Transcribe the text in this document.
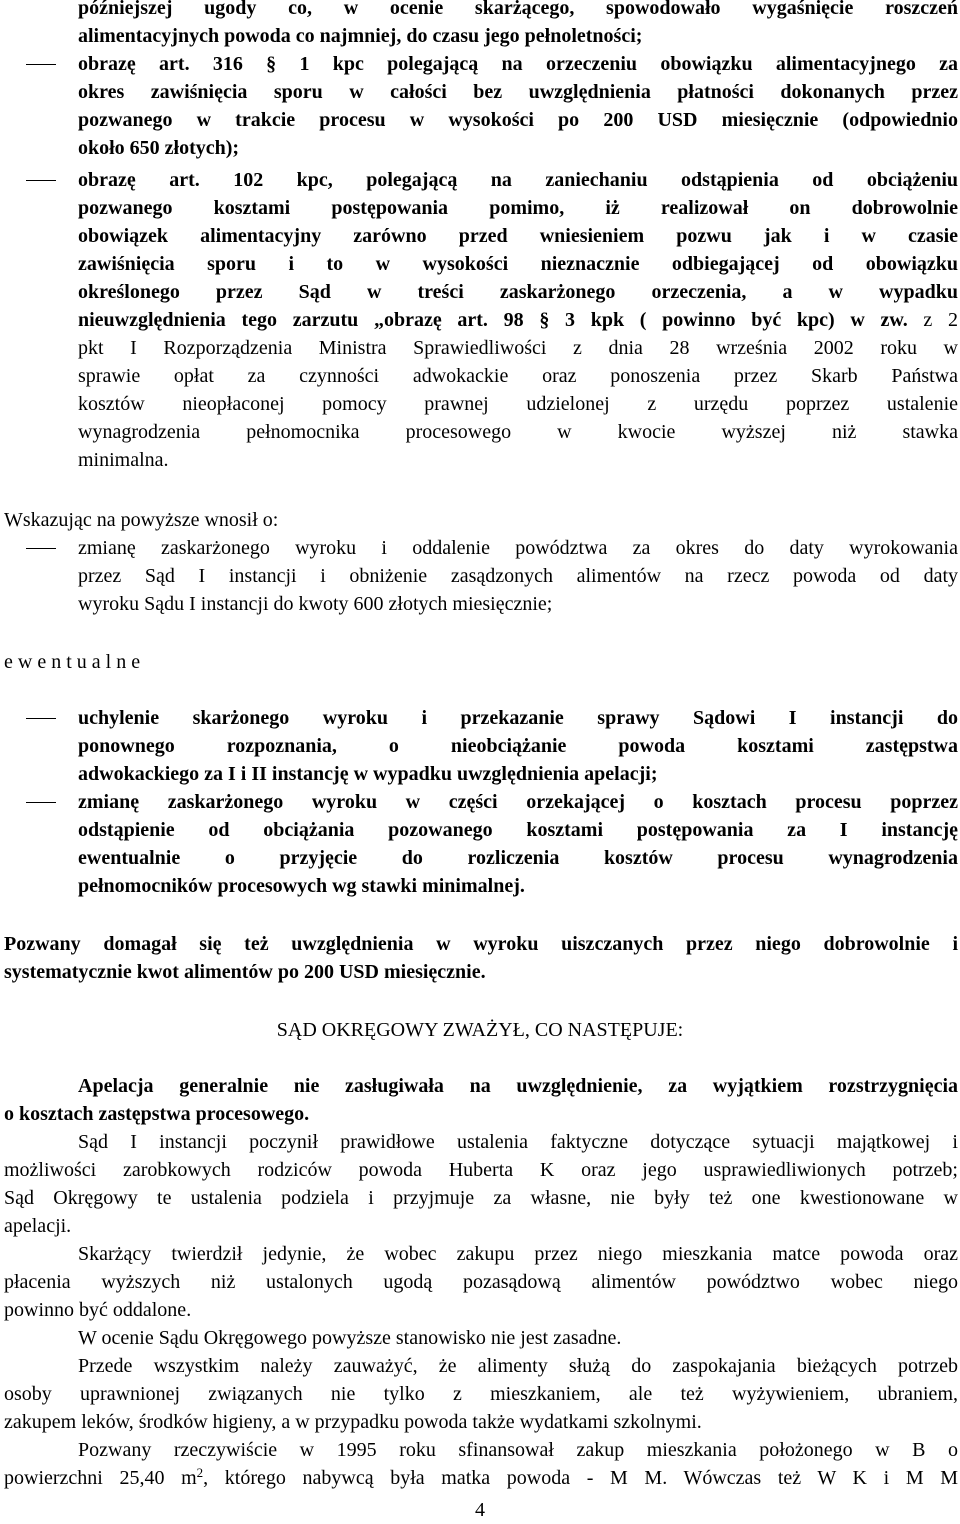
późniejszej ugody co, w ocenie skarżącego, spowodowało wygaśnięcie roszczeń
alimentacyjnych powoda co najmniej, do czasu jego pełnoletności;
obrazę art. 316 § 1 kpc polegającą na orzeczeniu obowiązku alimentacyjnego za
okres zawiśnięcia sporu w całości bez uwzględnienia płatności dokonanych przez
pozwanego w trakcie procesu w wysokości po 200 USD miesięcznie (odpowiednio
około 650 złotych);
obrazę art. 102 kpc, polegającą na zaniechaniu odstąpienia od obciążeniu
pozwanego kosztami postępowania pomimo, iż realizował on dobrowolnie
obowiązek alimentacyjny zarówno przed wniesieniem pozwu jak i w czasie
zawiśnięcia sporu i to w wysokości nieznacznie odbiegającej od obowiązku
określonego przez Sąd w treści zaskarżonego orzeczenia, a w wypadku
nieuwzględnienia tego zarzutu „obrazę art. 98 § 3 kpk ( powinno być kpc) w zw. z 2
pkt I Rozporządzenia Ministra Sprawiedliwości z dnia 28 września 2002 roku w
sprawie opłat za czynności adwokackie oraz ponoszenia przez Skarb Państwa
kosztów nieopłaconej pomocy prawnej udzielonej z urzędu poprzez ustalenie
wynagrodzenia pełnomocnika procesowego w kwocie wyższej niż stawka
minimalna.
Wskazując na powyższe wnosił o:
zmianę zaskarżonego wyroku i oddalenie powództwa za okres do daty wyrokowania
przez Sąd I instancji i obniżenie zasądzonych alimentów na rzecz powoda od daty
wyroku Sądu I instancji do kwoty 600 złotych miesięcznie;
e w e n t u a l n e
uchylenie skarżonego wyroku i przekazanie sprawy Sądowi I instancji do
ponownego rozpoznania, o nieobciążanie powoda kosztami zastępstwa
adwokackiego za I i II instancję w wypadku uwzględnienia apelacji;
zmianę zaskarżonego wyroku w części orzekającej o kosztach procesu poprzez
odstąpienie od obciążania pozowanego kosztami postępowania za I instancję
ewentualnie o przyjęcie do rozliczenia kosztów procesu wynagrodzenia
pełnomocników procesowych wg stawki minimalnej.
Pozwany domagał się też uwzględnienia w wyroku uiszczanych przez niego dobrowolnie i
systematycznie kwot alimentów po 200 USD miesięcznie.
SĄD OKRĘGOWY ZWAŻYŁ, CO NASTĘPUJE:
Apelacja generalnie nie zasługiwała na uwzględnienie, za wyjątkiem rozstrzygnięcia
o kosztach zastępstwa procesowego.
Sąd I instancji poczynił prawidłowe ustalenia faktyczne dotyczące sytuacji majątkowej i
możliwości zarobkowych rodziców powoda Huberta K oraz jego usprawiedliwionych potrzeb;
Sąd Okręgowy te ustalenia podziela i przyjmuje za własne, nie były też one kwestionowane w
apelacji.
Skarżący twierdził jedynie, że wobec zakupu przez niego mieszkania matce powoda oraz
płacenia wyższych niż ustalonych ugodą pozasądową alimentów powództwo wobec niego
powinno być oddalone.
W ocenie Sądu Okręgowego powyższe stanowisko nie jest zasadne.
Przede wszystkim należy zauważyć, że alimenty służą do zaspokajania bieżących potrzeb
osoby uprawnionej związanych nie tylko z mieszkaniem, ale też wyżywieniem, ubraniem,
zakupem leków, środków higieny, a w przypadku powoda także wydatkami szkolnymi.
Pozwany rzeczywiście w 1995 roku sfinansował zakup mieszkania położonego w B o
powierzchni 25,40 $m^2$, którego nabywcą była matka powoda - M M. Wówczas też W K i M M
4
